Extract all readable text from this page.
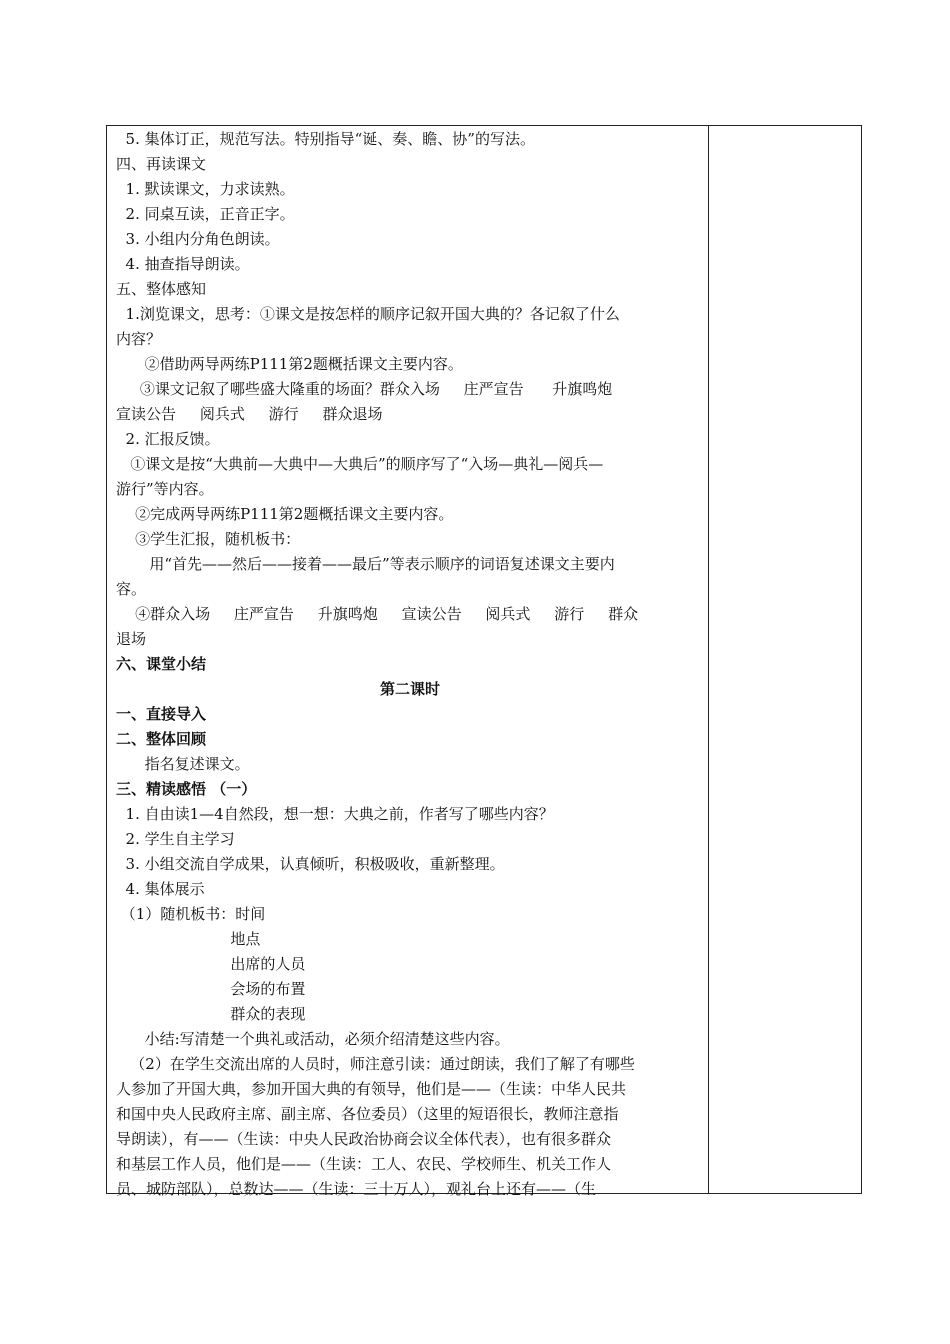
5. 集体订正，规范写法。特别指导“诞、奏、瞻、协”的写法。
四、再读课文
1. 默读课文，力求读熟。
2. 同桌互读，正音正字。
3. 小组内分角色朗读。
4. 抽查指导朗读。
五、整体感知
1.浏览课文，思考：①课文是按怎样的顺序记叙开国大典的？各记叙了什么
内容？
②借助两导两练P111第2题概括课文主要内容。
③课文记叙了哪些盛大隆重的场面？群众入场     庄严宣告      升旗鸣炮
宣读公告     阅兵式     游行     群众退场
2. 汇报反馈。
①课文是按“大典前—大典中—大典后”的顺序写了“入场—典礼—阅兵—
游行”等内容。
②完成两导两练P111第2题概括课文主要内容。
③学生汇报，随机板书：
用“首先——然后——接着——最后”等表示顺序的词语复述课文主要内
容。
④群众入场     庄严宣告     升旗鸣炮     宣读公告     阅兵式     游行     群众
退场
六、课堂小结
第二课时
一、直接导入
二、整体回顾
指名复述课文。
三、精读感悟 （一）
1. 自由读1—4自然段，想一想：大典之前，作者写了哪些内容？
2. 学生自主学习
3. 小组交流自学成果，认真倾听，积极吸收，重新整理。
4. 集体展示
（1）随机板书：时间
地点
出席的人员
会场的布置
群众的表现
小结:写清楚一个典礼或活动，必须介绍清楚这些内容。
（2）在学生交流出席的人员时，师注意引读：通过朗读，我们了解了有哪些
人参加了开国大典，参加开国大典的有领导，他们是——（生读：中华人民共
和国中央人民政府主席、副主席、各位委员）（这里的短语很长，教师注意指
导朗读），有——（生读：中央人民政治协商会议全体代表），也有很多群众
和基层工作人员，他们是——（生读：工人、农民、学校师生、机关工作人
员、城防部队），总数达——（生读：三十万人），观礼台上还有——（生
